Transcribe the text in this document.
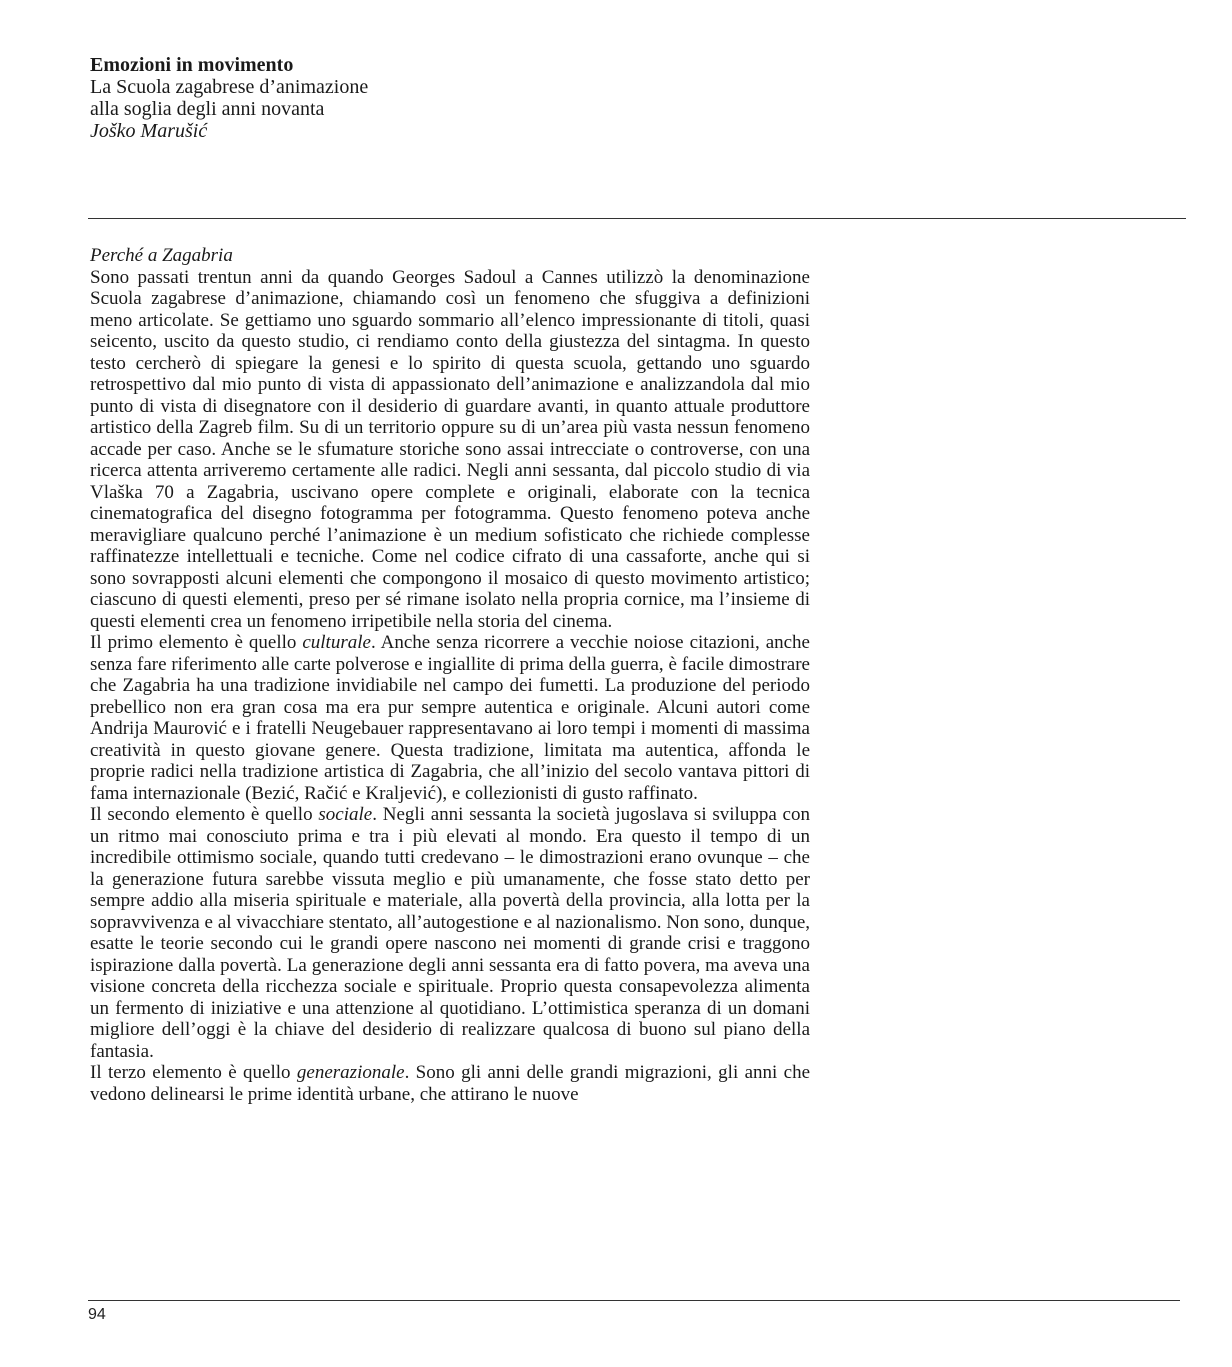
Emozioni in movimento
La Scuola zagabrese d’animazione
alla soglia degli anni novanta
Joško Marušić
Perché a Zagabria

Sono passati trentun anni da quando Georges Sadoul a Cannes utilizzò la denominazione Scuola zagabrese d’animazione, chiamando così un fenomeno che sfuggiva a definizioni meno articolate. Se gettiamo uno sguardo sommario all’elenco impressionante di titoli, quasi seicento, uscito da questo studio, ci rendiamo conto della giustezza del sintagma. In questo testo cercherò di spiegare la genesi e lo spirito di questa scuola, gettando uno sguardo retrospettivo dal mio punto di vista di appassionato dell’animazione e analizzandola dal mio punto di vista di disegnatore con il desiderio di guardare avanti, in quanto attuale produttore artistico della Zagreb film. Su di un territorio oppure su di un’area più vasta nessun fenomeno accade per caso. Anche se le sfumature storiche sono assai intrecciate o controverse, con una ricerca attenta arriveremo certamente alle radici. Negli anni sessanta, dal piccolo studio di via Vlaška 70 a Zagabria, uscivano opere complete e originali, elaborate con la tecnica cinematografica del disegno fotogramma per fotogramma. Questo fenomeno poteva anche meravigliare qualcuno perché l’animazione è un medium sofisticato che richiede complesse raffinatezze intellettuali e tecniche. Come nel codice cifrato di una cassaforte, anche qui si sono sovrapposti alcuni elementi che compongono il mosaico di questo movimento artistico; ciascuno di questi elementi, preso per sé rimane isolato nella propria cornice, ma l’insieme di questi elementi crea un fenomeno irripetibile nella storia del cinema.

Il primo elemento è quello culturale. Anche senza ricorrere a vecchie noiose citazioni, anche senza fare riferimento alle carte polverose e ingiallite di prima della guerra, è facile dimostrare che Zagabria ha una tradizione invidiabile nel campo dei fumetti. La produzione del periodo prebellico non era gran cosa ma era pur sempre autentica e originale. Alcuni autori come Andrija Maurović e i fratelli Neugebauer rappresentavano ai loro tempi i momenti di massima creatività in questo giovane genere. Questa tradizione, limitata ma autentica, affonda le proprie radici nella tradizione artistica di Zagabria, che all’inizio del secolo vantava pittori di fama internazionale (Bezić, Račić e Kraljević), e collezionisti di gusto raffinato.

Il secondo elemento è quello sociale. Negli anni sessanta la società jugoslava si sviluppa con un ritmo mai conosciuto prima e tra i più elevati al mondo. Era questo il tempo di un incredibile ottimismo sociale, quando tutti credevano – le dimostrazioni erano ovunque – che la generazione futura sarebbe vissuta meglio e più umanamente, che fosse stato detto per sempre addio alla miseria spirituale e materiale, alla povertà della provincia, alla lotta per la sopravvivenza e al vivacchiare stentato, all’autogestione e al nazionalismo. Non sono, dunque, esatte le teorie secondo cui le grandi opere nascono nei momenti di grande crisi e traggono ispirazione dalla povertà. La generazione degli anni sessanta era di fatto povera, ma aveva una visione concreta della ricchezza sociale e spirituale. Proprio questa consapevolezza alimenta un fermento di iniziative e una attenzione al quotidiano. L’ottimistica speranza di un domani migliore dell’oggi è la chiave del desiderio di realizzare qualcosa di buono sul piano della fantasia.

Il terzo elemento è quello generazionale. Sono gli anni delle grandi migrazioni, gli anni che vedono delinearsi le prime identità urbane, che attirano le nuove

94
